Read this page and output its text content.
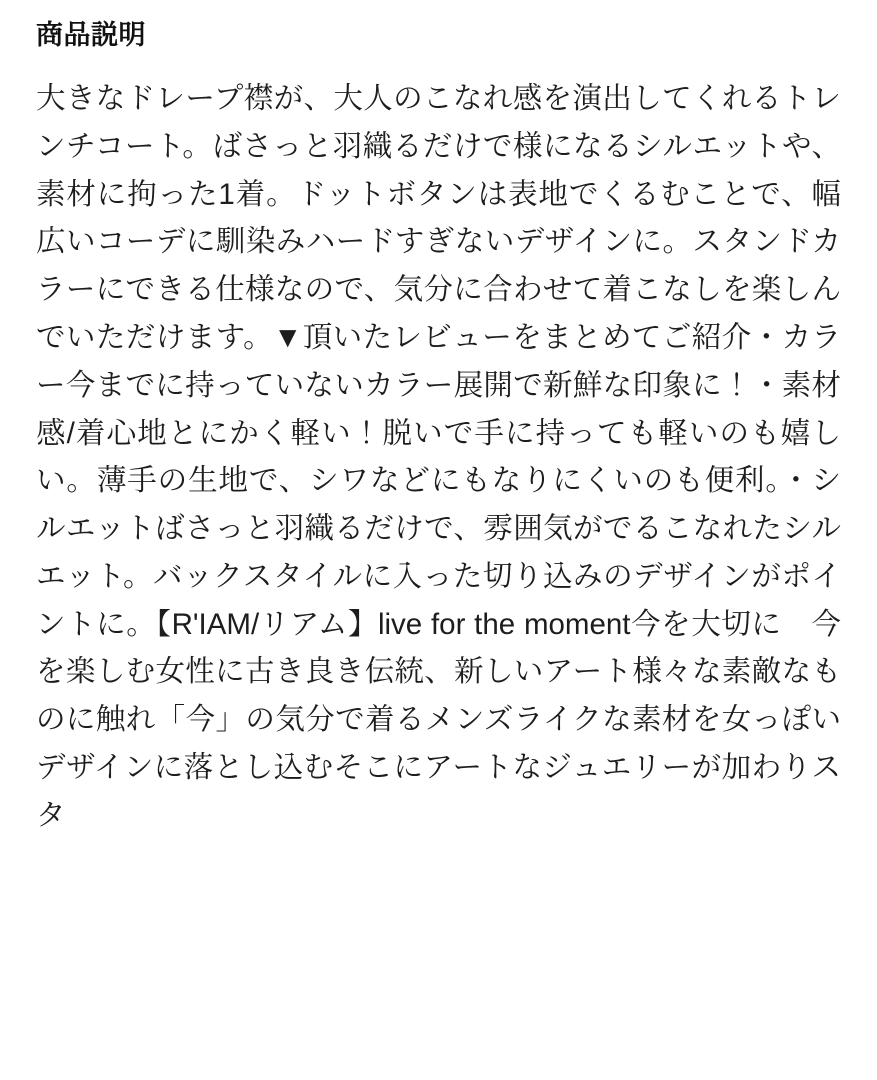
商品説明

大きなドレープ襟が、大人のこなれ感を演出してくれるトレンチコート。ばさっと羽織るだけで様になるシルエットや、素材に拘った1着。ドットボタンは表地でくるむことで、幅広いコーデに馴染みハードすぎないデザインに。スタンドカラーにできる仕様なので、気分に合わせて着こなしを楽しんでいただけます。▼頂いたレビューをまとめてご紹介・カラー今までに持っていないカラー展開で新鮮な印象に！・素材感/着心地とにかく軽い！脱いで手に持っても軽いのも嬉しい。薄手の生地で、シワなどにもなりにくいのも便利。・シルエットばさっと羽織るだけで、雰囲気がでるこなれたシルエット。バックスタイルに入った切り込みのデザインがポイントに。【R'IAM/リアム】live for the moment今を大切に　今を楽しむ女性に古き良き伝統、新しいアート様々な素敵なものに触れ「今」の気分で着るメンズライクな素材を女っぽいデザインに落とし込むそこにアートなジュエリーが加わりスタ
